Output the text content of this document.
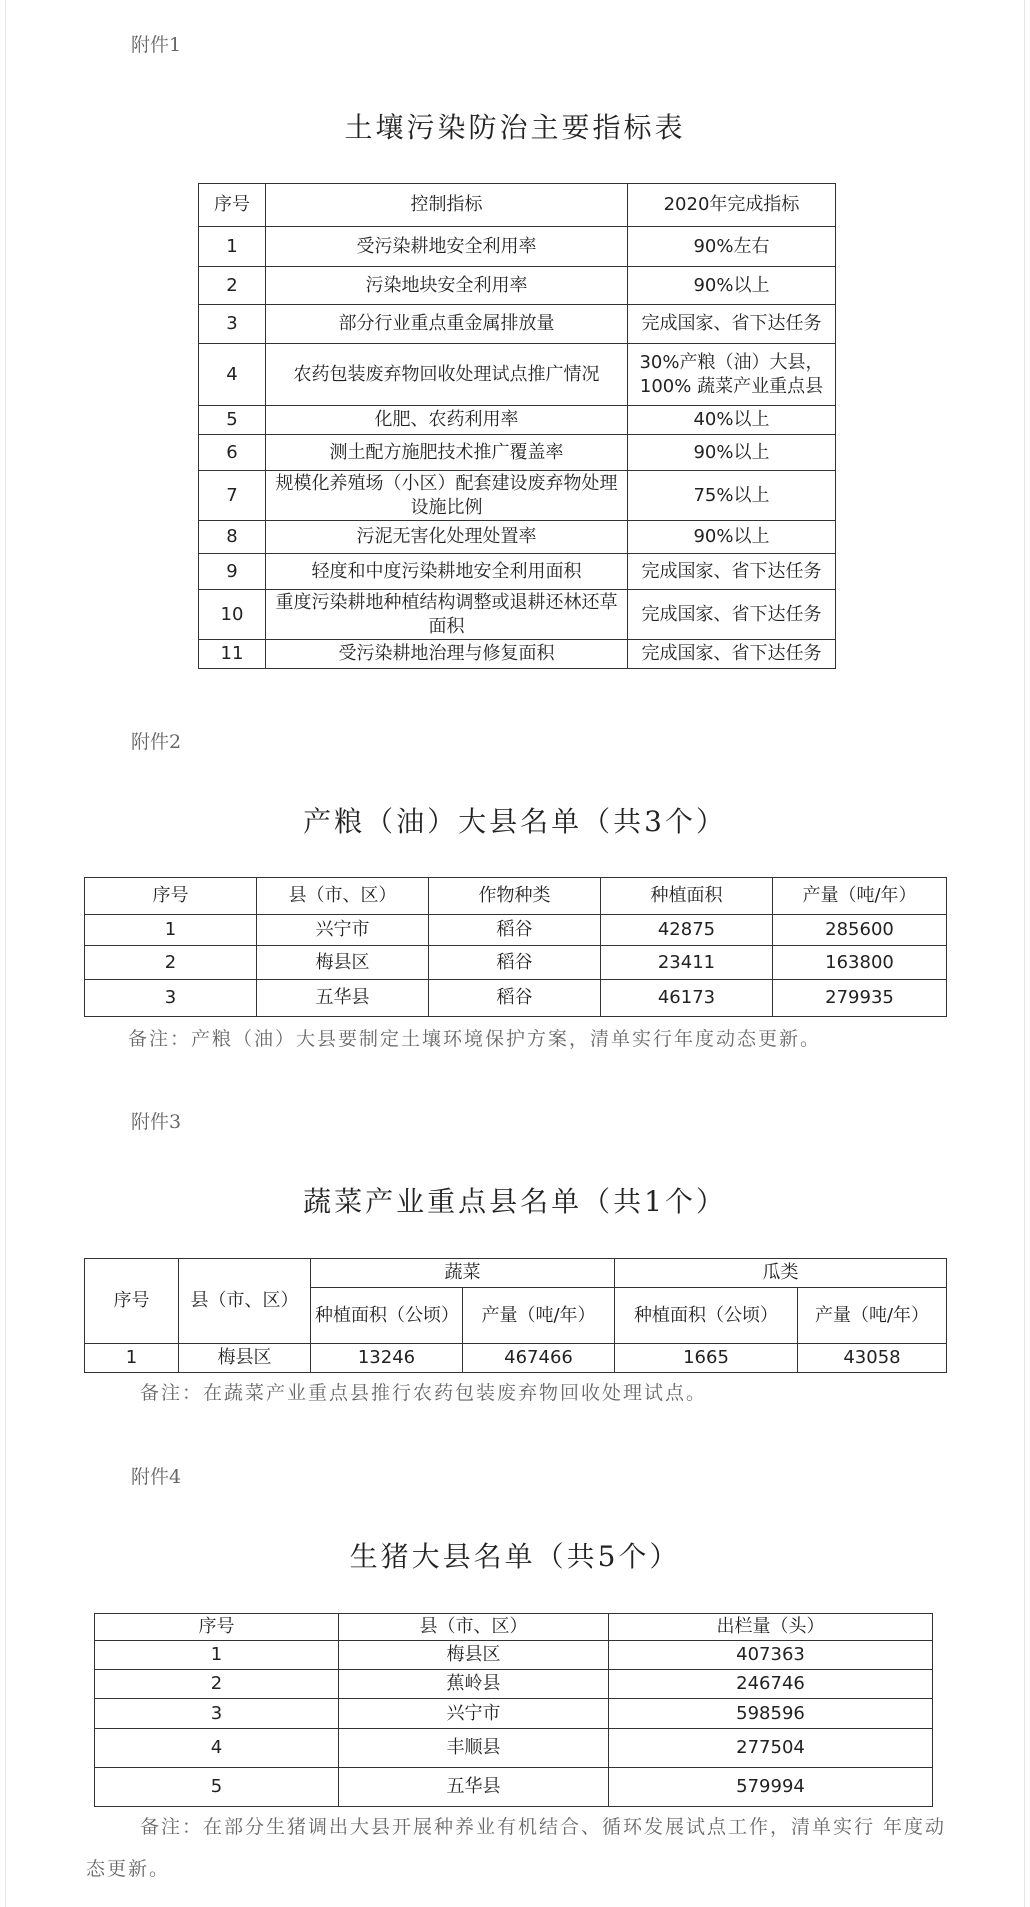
附件1
土壤污染防治主要指标表
序号	控制指标	2020年完成指标
1	受污染耕地安全利用率	90%左右
2	污染地块安全利用率	90%以上
3	部分行业重点重金属排放量	完成国家、省下达任务
4	农药包装废弃物回收处理试点推广情况	30%产粮（油）大县，100% 蔬菜产业重点县
5	化肥、农药利用率	40%以上
6	测土配方施肥技术推广覆盖率	90%以上
7	规模化养殖场（小区）配套建设废弃物处理设施比例	75%以上
8	污泥无害化处理处置率	90%以上
9	轻度和中度污染耕地安全利用面积	完成国家、省下达任务
10	重度污染耕地种植结构调整或退耕还林还草面积	完成国家、省下达任务
11	受污染耕地治理与修复面积	完成国家、省下达任务
附件2
产粮（油）大县名单（共3个）
序号	县（市、区）	作物种类	种植面积	产量（吨/年）
1	兴宁市	稻谷	42875	285600
2	梅县区	稻谷	23411	163800
3	五华县	稻谷	46173	279935
备注：产粮（油）大县要制定土壤环境保护方案，清单实行年度动态更新。
附件3
蔬菜产业重点县名单（共1个）
序号	县（市、区）	蔬菜		瓜类	
		种植面积（公顷）	产量（吨/年）	种植面积（公顷）	产量（吨/年）
1	梅县区	13246	467466	1665	43058
备注：在蔬菜产业重点县推行农药包装废弃物回收处理试点。
附件4
生猪大县名单（共5个）
序号	县（市、区）	出栏量（头）
1	梅县区	407363
2	蕉岭县	246746
3	兴宁市	598596
4	丰顺县	277504
5	五华县	579994
备注：在部分生猪调出大县开展种养业有机结合、循环发展试点工作，清单实行 年度动态更新。
